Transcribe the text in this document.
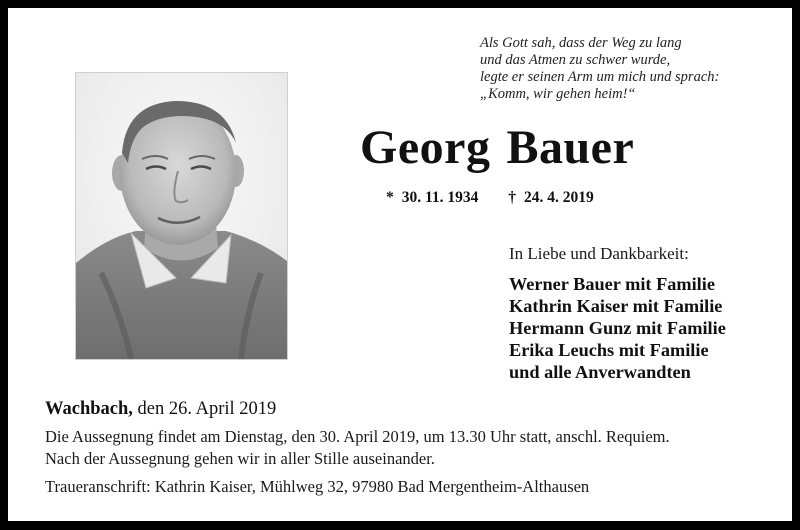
Als Gott sah, dass der Weg zu lang
und das Atmen zu schwer wurde,
legte er seinen Arm um mich und sprach:
„Komm, wir gehen heim!“
Georg Bauer
* 30. 11. 1934 † 24. 4. 2019
In Liebe und Dankbarkeit:
Werner Bauer mit Familie
Kathrin Kaiser mit Familie
Hermann Gunz mit Familie
Erika Leuchs mit Familie
und alle Anverwandten
Wachbach, den 26. April 2019
Die Aussegnung findet am Dienstag, den 30. April 2019, um 13.30 Uhr statt, anschl. Requiem.
Nach der Aussegnung gehen wir in aller Stille auseinander.
Traueranschrift: Kathrin Kaiser, Mühlweg 32, 97980 Bad Mergentheim-Althausen
